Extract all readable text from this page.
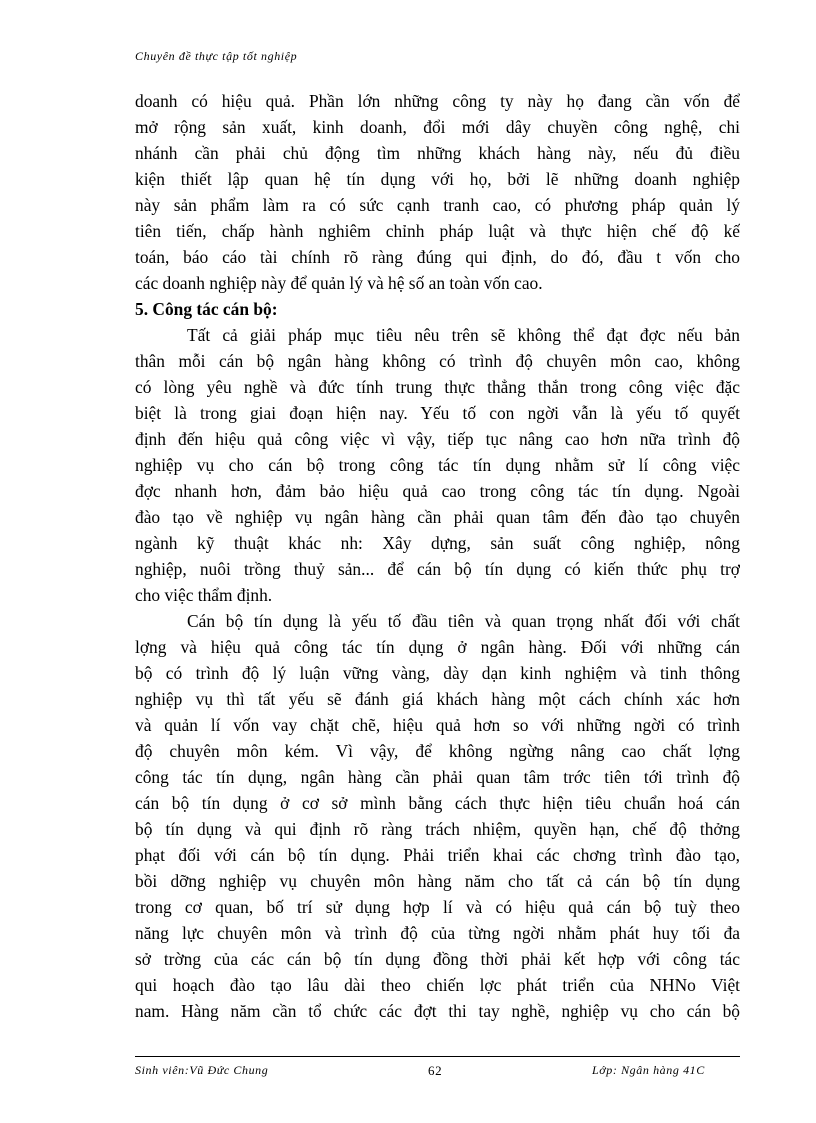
Chuyên đề thực tập tốt nghiệp
doanh có hiệu quả. Phần lớn những công ty này họ đang cần vốn để
mở rộng sản xuất, kinh doanh, đổi mới dây chuyền công nghệ, chi
nhánh cần phải chủ động tìm những khách hàng này, nếu đủ điều
kiện thiết lập quan hệ tín dụng với họ, bởi lẽ những doanh nghiệp
này sản phẩm làm ra có sức cạnh tranh cao, có phương pháp quản lý
tiên tiến, chấp hành nghiêm chỉnh pháp luật và thực hiện chế độ kế
toán, báo cáo tài chính rõ ràng đúng qui định, do đó, đầu t vốn cho
các doanh nghiệp này để quản lý và hệ số an toàn vốn cao.
5. Công tác cán bộ:
Tất cả giải pháp mục tiêu nêu trên sẽ không thể đạt đợc nếu bản
thân mỗi cán bộ ngân hàng không có trình độ chuyên môn cao, không
có lòng yêu nghề và đức tính trung thực thẳng thắn trong công việc đặc
biệt là trong giai đoạn hiện nay. Yếu tố con ngời vẫn là yếu tố quyết
định đến hiệu quả công việc vì vậy, tiếp tục nâng cao hơn nữa trình độ
nghiệp vụ cho cán bộ trong công tác tín dụng nhằm sử lí công việc
đợc nhanh hơn, đảm bảo hiệu quả cao trong công tác tín dụng. Ngoài
đào tạo về nghiệp vụ ngân hàng cần phải quan tâm đến đào tạo chuyên
ngành kỹ thuật khác nh: Xây dựng, sản suất công nghiệp, nông
nghiệp, nuôi trồng thuỷ sản... để cán bộ tín dụng có kiến thức phụ trợ
cho việc thẩm định.
Cán bộ tín dụng là yếu tố đầu tiên và quan trọng nhất đối với chất
lợng và hiệu quả công tác tín dụng ở ngân hàng. Đối với những cán
bộ có trình độ lý luận vững vàng, dày dạn kinh nghiệm và tinh thông
nghiệp vụ thì tất yếu sẽ đánh giá khách hàng một cách chính xác hơn
và quản lí vốn vay chặt chẽ, hiệu quả hơn so với những ngời có trình
độ chuyên môn kém. Vì vậy, để không ngừng nâng cao chất lợng
công tác tín dụng, ngân hàng cần phải quan tâm trớc tiên tới trình độ
cán bộ tín dụng ở cơ sở mình bằng cách thực hiện tiêu chuẩn hoá cán
bộ tín dụng và qui định rõ ràng trách nhiệm, quyền hạn, chế độ thởng
phạt đối với cán bộ tín dụng. Phải triển khai các chơng trình đào tạo,
bồi dỡng nghiệp vụ chuyên môn hàng năm cho tất cả cán bộ tín dụng
trong cơ quan, bố trí sử dụng hợp lí và có hiệu quả cán bộ tuỳ theo
năng lực chuyên môn và trình độ của từng ngời nhằm phát huy tối đa
sở trờng của các cán bộ tín dụng đồng thời phải kết hợp với công tác
qui hoạch đào tạo lâu dài theo chiến lợc phát triển của NHNo Việt
nam. Hàng năm cần tổ chức các đợt thi tay nghề, nghiệp vụ cho cán bộ
Sinh viên:Vũ Đức Chung	62	Lớp: Ngân hàng 41C
